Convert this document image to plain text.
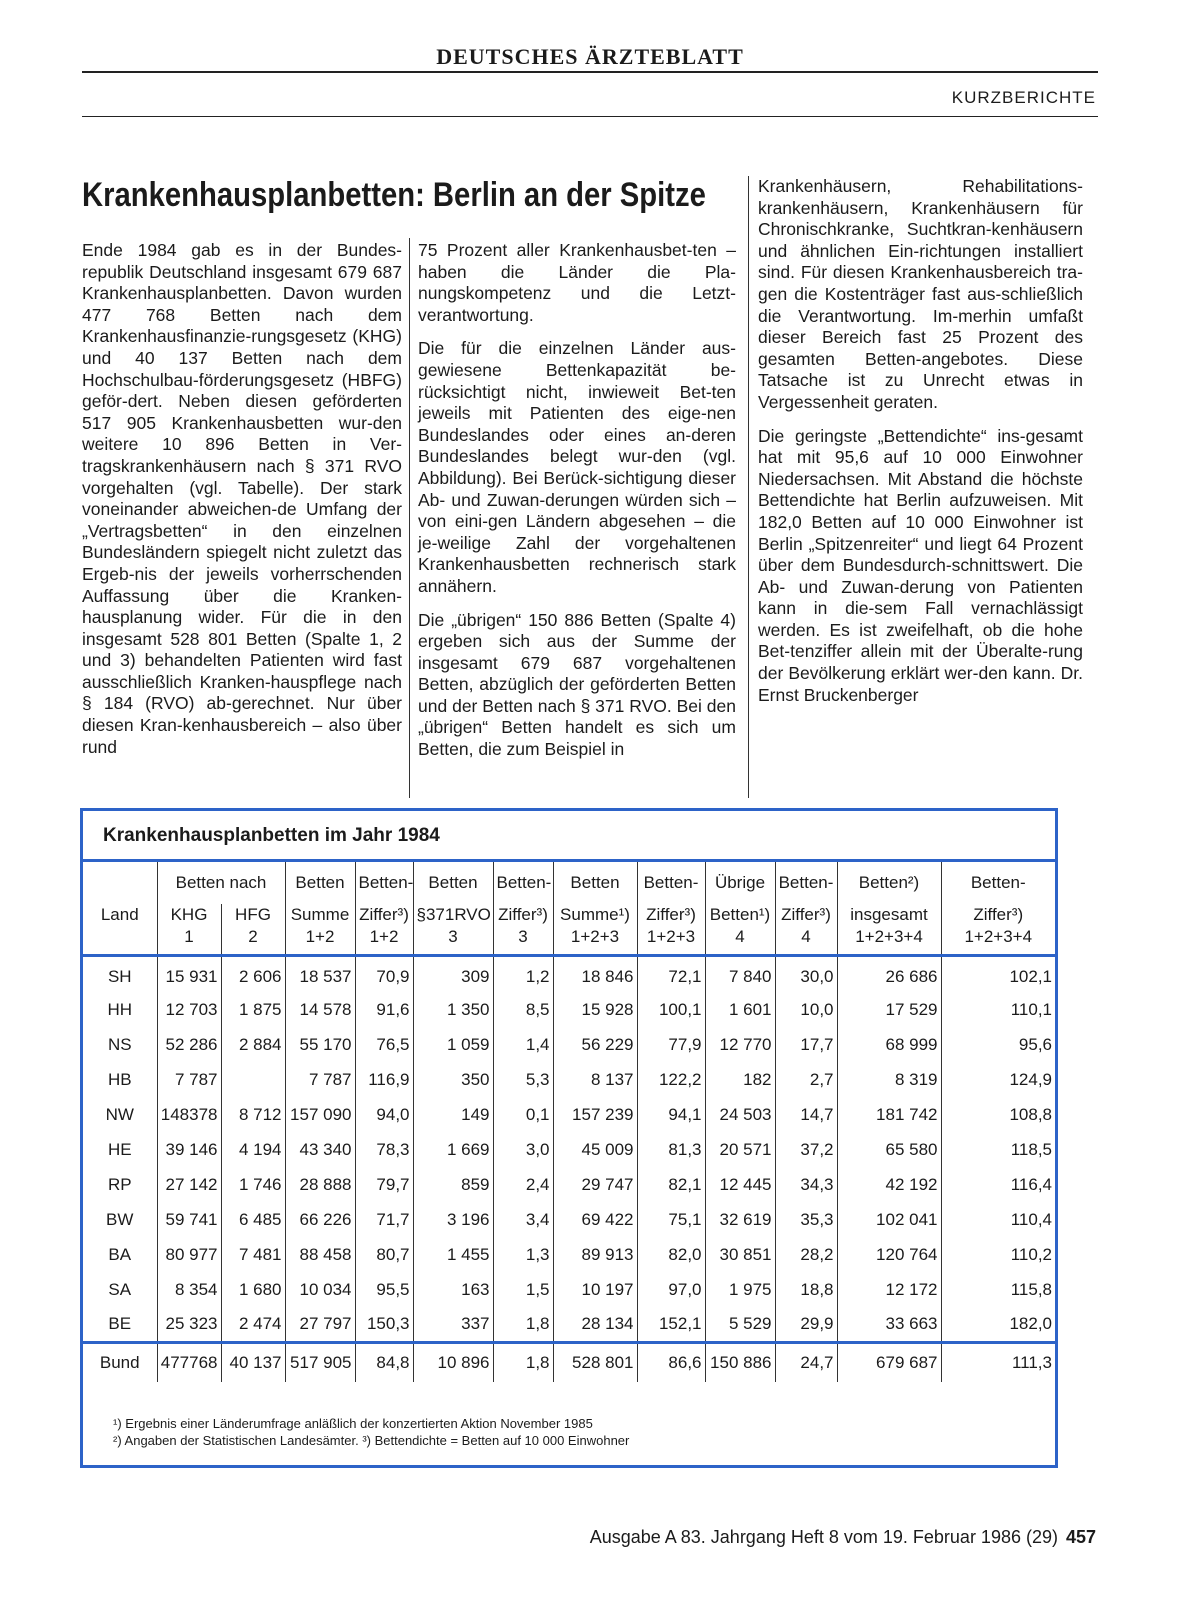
DEUTSCHES ÄRZTEBLATT
KURZBERICHTE
Krankenhausplanbetten: Berlin an der Spitze

Ende 1984 gab es in der Bundes-republik Deutschland insgesamt 679 687 Krankenhausplanbetten. Davon wurden 477 768 Betten nach dem Krankenhausfinanzie-rungsgesetz (KHG) und 40 137 Betten nach dem Hochschulbau-förderungsgesetz (HBFG) geför-dert. Neben diesen geförderten 517 905 Krankenhausbetten wur-den weitere 10 896 Betten in Ver-tragskrankenhäusern nach § 371 RVO vorgehalten (vgl. Tabelle). Der stark voneinander abweichen-de Umfang der „Vertragsbetten“ in den einzelnen Bundesländern spiegelt nicht zuletzt das Ergeb-nis der jeweils vorherrschenden Auffassung über die Kranken-hausplanung wider. Für die in den insgesamt 528 801 Betten (Spalte 1, 2 und 3) behandelten Patienten wird fast ausschließlich Kranken-hauspflege nach § 184 (RVO) ab-gerechnet. Nur über diesen Kran-kenhausbereich – also über rund

75 Prozent aller Krankenhausbet-ten – haben die Länder die Pla-nungskompetenz und die Letzt-verantwortung.

Die für die einzelnen Länder aus-gewiesene Bettenkapazität be-rücksichtigt nicht, inwieweit Bet-ten jeweils mit Patienten des eige-nen Bundeslandes oder eines an-deren Bundeslandes belegt wur-den (vgl. Abbildung). Bei Berück-sichtigung dieser Ab- und Zuwan-derungen würden sich – von eini-gen Ländern abgesehen – die je-weilige Zahl der vorgehaltenen Krankenhausbetten rechnerisch stark annähern.

Die „übrigen“ 150 886 Betten (Spalte 4) ergeben sich aus der Summe der insgesamt 679 687 vorgehaltenen Betten, abzüglich der geförderten Betten und der Betten nach § 371 RVO. Bei den „übrigen“ Betten handelt es sich um Betten, die zum Beispiel in

Krankenhäusern, Rehabilitations-krankenhäusern, Krankenhäusern für Chronischkranke, Suchtkran-kenhäusern und ähnlichen Ein-richtungen installiert sind. Für diesen Krankenhausbereich tra-gen die Kostenträger fast aus-schließlich die Verantwortung. Im-merhin umfaßt dieser Bereich fast 25 Prozent des gesamten Betten-angebotes. Diese Tatsache ist zu Unrecht etwas in Vergessenheit geraten.

Die geringste „Bettendichte“ ins-gesamt hat mit 95,6 auf 10 000 Einwohner Niedersachsen. Mit Abstand die höchste Bettendichte hat Berlin aufzuweisen. Mit 182,0 Betten auf 10 000 Einwohner ist Berlin „Spitzenreiter“ und liegt 64 Prozent über dem Bundesdurch-schnittswert. Die Ab- und Zuwan-derung von Patienten kann in die-sem Fall vernachlässigt werden. Es ist zweifelhaft, ob die hohe Bet-tenziffer allein mit der Überalte-rung der Bevölkerung erklärt wer-den kann. Dr. Ernst Bruckenberger

Krankenhausplanbetten im Jahr 1984
	Betten nach		Betten	Betten-	Betten	Betten-	Betten	Betten-	Übrige	Betten-	Betten²)	Betten-
Land	KHG	HFG	Summe	Ziffer³)	§371RVO	Ziffer³)	Summe¹)	Ziffer³)	Betten¹)	Ziffer³)	insgesamt	Ziffer³)
	1	2	1+2	1+2	3	3	1+2+3	1+2+3	4	4	1+2+3+4	1+2+3+4

SH	15 931	2 606	18 537	70,9	309	1,2	18 846	72,1	7 840	30,0	26 686	102,1
HH	12 703	1 875	14 578	91,6	1 350	8,5	15 928	100,1	1 601	10,0	17 529	110,1
NS	52 286	2 884	55 170	76,5	1 059	1,4	56 229	77,9	12 770	17,7	68 999	95,6
HB	7 787		7 787	116,9	350	5,3	8 137	122,2	182	2,7	8 319	124,9
NW	148378	8 712	157 090	94,0	149	0,1	157 239	94,1	24 503	14,7	181 742	108,8
HE	39 146	4 194	43 340	78,3	1 669	3,0	45 009	81,3	20 571	37,2	65 580	118,5
RP	27 142	1 746	28 888	79,7	859	2,4	29 747	82,1	12 445	34,3	42 192	116,4
BW	59 741	6 485	66 226	71,7	3 196	3,4	69 422	75,1	32 619	35,3	102 041	110,4
BA	80 977	7 481	88 458	80,7	1 455	1,3	89 913	82,0	30 851	28,2	120 764	110,2
SA	8 354	1 680	10 034	95,5	163	1,5	10 197	97,0	1 975	18,8	12 172	115,8
BE	25 323	2 474	27 797	150,3	337	1,8	28 134	152,1	5 529	29,9	33 663	182,0
Bund	477768	40 137	517 905	84,8	10 896	1,8	528 801	86,6	150 886	24,7	679 687	111,3
¹) Ergebnis einer Länderumfrage anläßlich der konzertierten Aktion November 1985
²) Angaben der Statistischen Landesämter. ³) Bettendichte = Betten auf 10 000 Einwohner
Ausgabe A 83. Jahrgang Heft 8 vom 19. Februar 1986 (29) 457
